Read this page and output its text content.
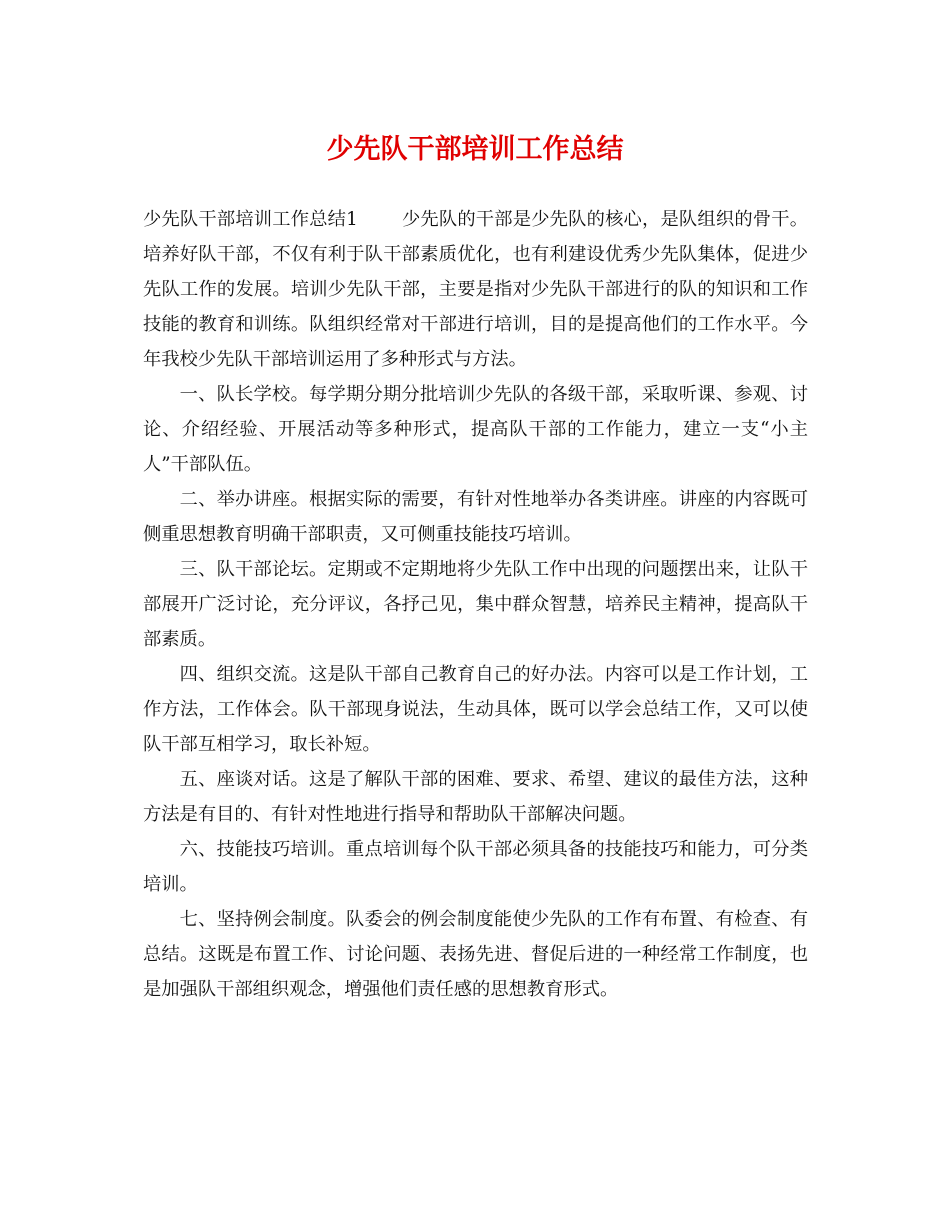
少先队干部培训工作总结

少先队干部培训工作总结1 少先队的干部是少先队的核心，是队组织的骨干。培养好队干部，不仅有利于队干部素质优化，也有利建设优秀少先队集体，促进少先队工作的发展。培训少先队干部，主要是指对少先队干部进行的队的知识和工作技能的教育和训练。队组织经常对干部进行培训，目的是提高他们的工作水平。今年我校少先队干部培训运用了多种形式与方法。

一、队长学校。每学期分期分批培训少先队的各级干部，采取听课、参观、讨论、介绍经验、开展活动等多种形式，提高队干部的工作能力，建立一支“小主人”干部队伍。

二、举办讲座。根据实际的需要，有针对性地举办各类讲座。讲座的内容既可侧重思想教育明确干部职责，又可侧重技能技巧培训。

三、队干部论坛。定期或不定期地将少先队工作中出现的问题摆出来，让队干部展开广泛讨论，充分评议，各抒己见，集中群众智慧，培养民主精神，提高队干部素质。

四、组织交流。这是队干部自己教育自己的好办法。内容可以是工作计划，工作方法，工作体会。队干部现身说法，生动具体，既可以学会总结工作，又可以使队干部互相学习，取长补短。

五、座谈对话。这是了解队干部的困难、要求、希望、建议的最佳方法，这种方法是有目的、有针对性地进行指导和帮助队干部解决问题。

六、技能技巧培训。重点培训每个队干部必须具备的技能技巧和能力，可分类培训。

七、坚持例会制度。队委会的例会制度能使少先队的工作有布置、有检查、有总结。这既是布置工作、讨论问题、表扬先进、督促后进的一种经常工作制度，也是加强队干部组织观念，增强他们责任感的思想教育形式。
